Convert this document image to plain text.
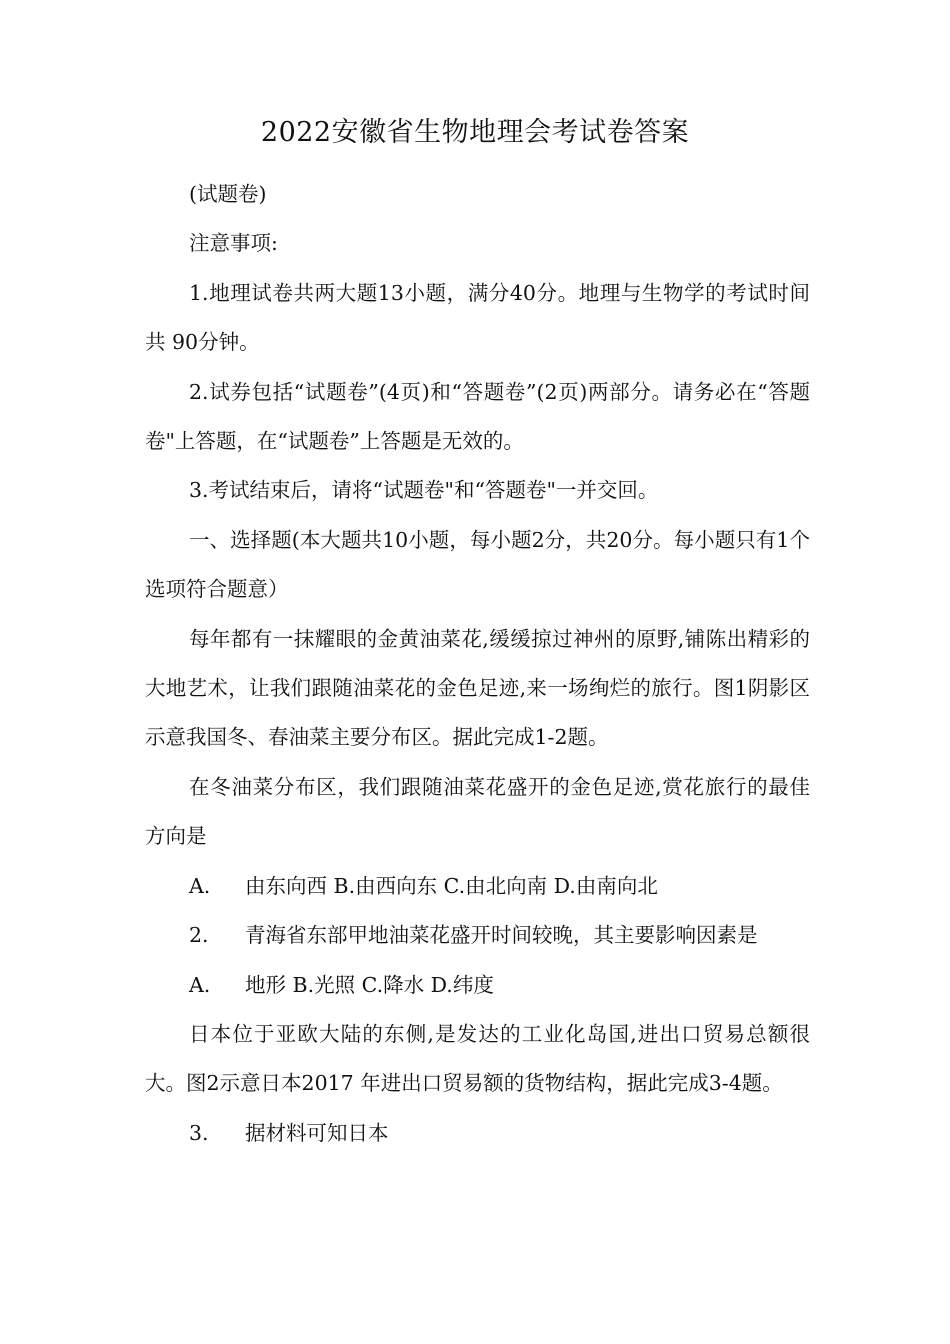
2022安徽省生物地理会考试卷答案

(试题卷)

注意事项:

1.地理试卷共两大题13小题，满分40分。地理与生物学的考试时间共 90分钟。

2.试券包括“试题卷”(4页)和“答题卷”(2页)两部分。请务必在“答题卷"上答题，在“试题卷”上答题是无效的。

3.考试结束后，请将“试题卷"和“答题卷"一并交回。

一、选择题(本大题共10小题，每小题2分，共20分。每小题只有1个选项符合题意）

每年都有一抹耀眼的金黄油菜花,缓缓掠过神州的原野,铺陈出精彩的大地艺术，让我们跟随油菜花的金色足迹,来一场绚烂的旅行。图1阴影区示意我国冬、春油菜主要分布区。据此完成1-2题。

在冬油菜分布区，我们跟随油菜花盛开的金色足迹,赏花旅行的最佳方向是

A. 由东向西 B.由西向东 C.由北向南 D.由南向北

2. 青海省东部甲地油菜花盛开时间较晚，其主要影响因素是

A. 地形 B.光照 C.降水 D.纬度

日本位于亚欧大陆的东侧,是发达的工业化岛国,进出口贸易总额很大。图2示意日本2017 年进出口贸易额的货物结构，据此完成3-4题。

3. 据材料可知日本
